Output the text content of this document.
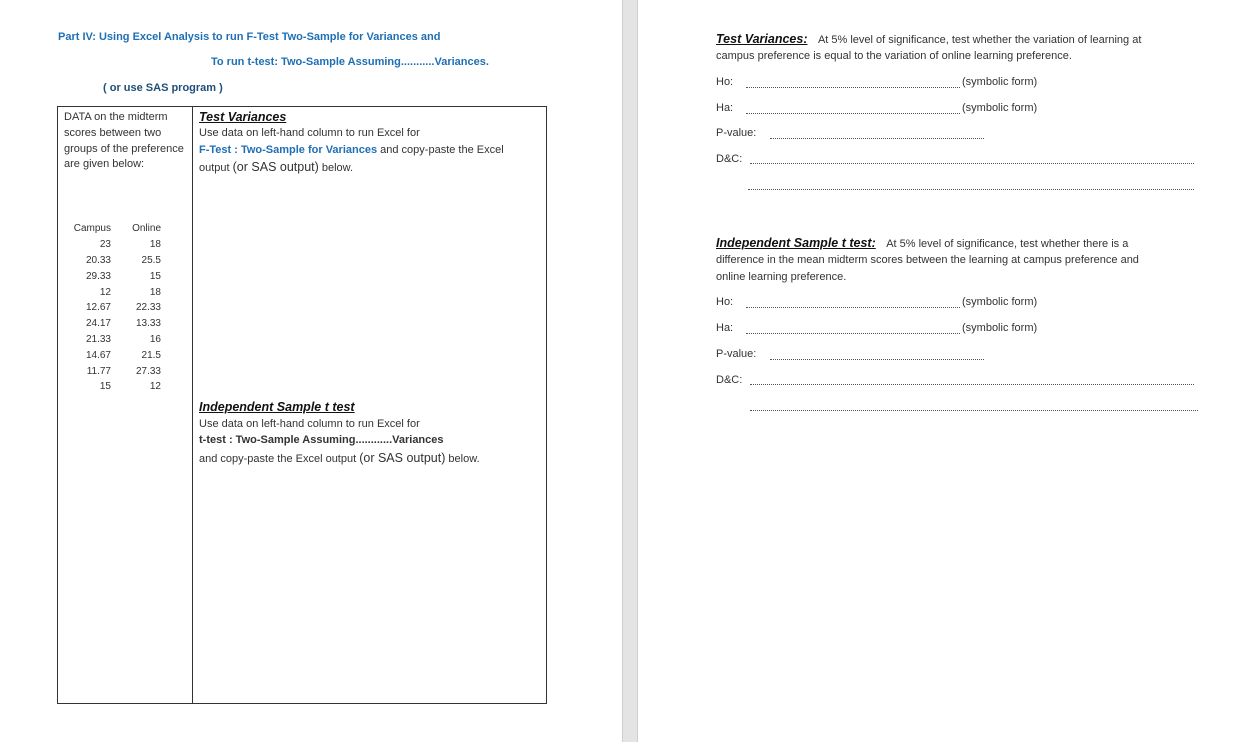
Part IV: Using Excel Analysis to run F-Test Two-Sample for Variances and
To run t-test: Two-Sample Assuming...........Variances.
( or use SAS program )
DATA on the midterm scores between two groups of the preference are given below:
Campus	Online
23	18
20.33	25.5
29.33	15
12	18
12.67	22.33
24.17	13.33
21.33	16
14.67	21.5
11.77	27.33
15	12
Test Variances
Use data on left-hand column to run Excel for
F-Test : Two-Sample for Variances and copy-paste the Excel
output (or SAS output) below.
Independent Sample t test
Use data on left-hand column to run Excel for
t-test : Two-Sample Assuming............Variances
and copy-paste the Excel output (or SAS output) below.
Test Variances: At 5% level of significance, test whether the variation of learning at
campus preference is equal to the variation of online learning preference.
Ho:	(symbolic form)
Ha:	(symbolic form)
P-value:
D&C:
Independent Sample t test: At 5% level of significance, test whether there is a
difference in the mean midterm scores between the learning at campus preference and
online learning preference.
Ho:	(symbolic form)
Ha:	(symbolic form)
P-value:
D&C:
